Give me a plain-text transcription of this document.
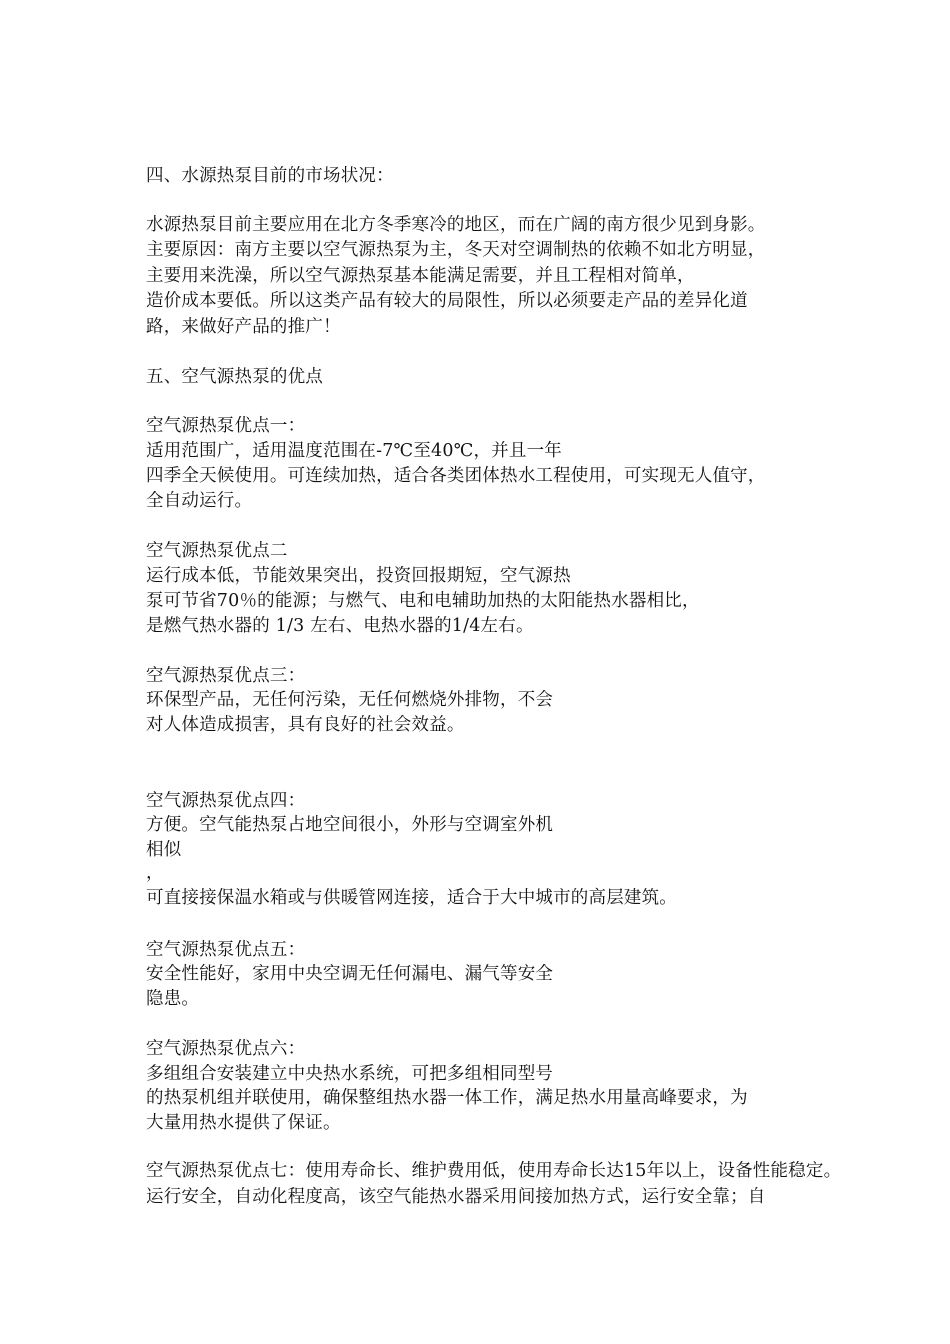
四、水源热泵目前的市场状况：
水源热泵目前主要应用在北方冬季寒冷的地区，而在广阔的南方很少见到身影。
主要原因：南方主要以空气源热泵为主，冬天对空调制热的依赖不如北方明显，
主要用来洗澡，所以空气源热泵基本能满足需要，并且工程相对简单，
造价成本要低。所以这类产品有较大的局限性，所以必须要走产品的差异化道
路，来做好产品的推广！
五、空气源热泵的优点
空气源热泵优点一：
适用范围广，适用温度范围在-7℃至40℃，并且一年
四季全天候使用。可连续加热，适合各类团体热水工程使用，可实现无人值守，
全自动运行。
空气源热泵优点二
运行成本低，节能效果突出，投资回报期短，空气源热
泵可节省70％的能源；与燃气、电和电辅助加热的太阳能热水器相比，
是燃气热水器的 1/3 左右、电热水器的1/4左右。
空气源热泵优点三：
环保型产品，无任何污染，无任何燃烧外排物，不会
对人体造成损害，具有良好的社会效益。
空气源热泵优点四：
方便。空气能热泵占地空间很小，外形与空调室外机
相似
，
可直接接保温水箱或与供暖管网连接，适合于大中城市的高层建筑。
空气源热泵优点五：
安全性能好，家用中央空调无任何漏电、漏气等安全
隐患。
空气源热泵优点六：
多组组合安装建立中央热水系统，可把多组相同型号
的热泵机组并联使用，确保整组热水器一体工作，满足热水用量高峰要求，为
大量用热水提供了保证。
空气源热泵优点七：使用寿命长、维护费用低，使用寿命长达15年以上，设备性能稳定。
运行安全，自动化程度高，该空气能热水器采用间接加热方式，运行安全靠；自
